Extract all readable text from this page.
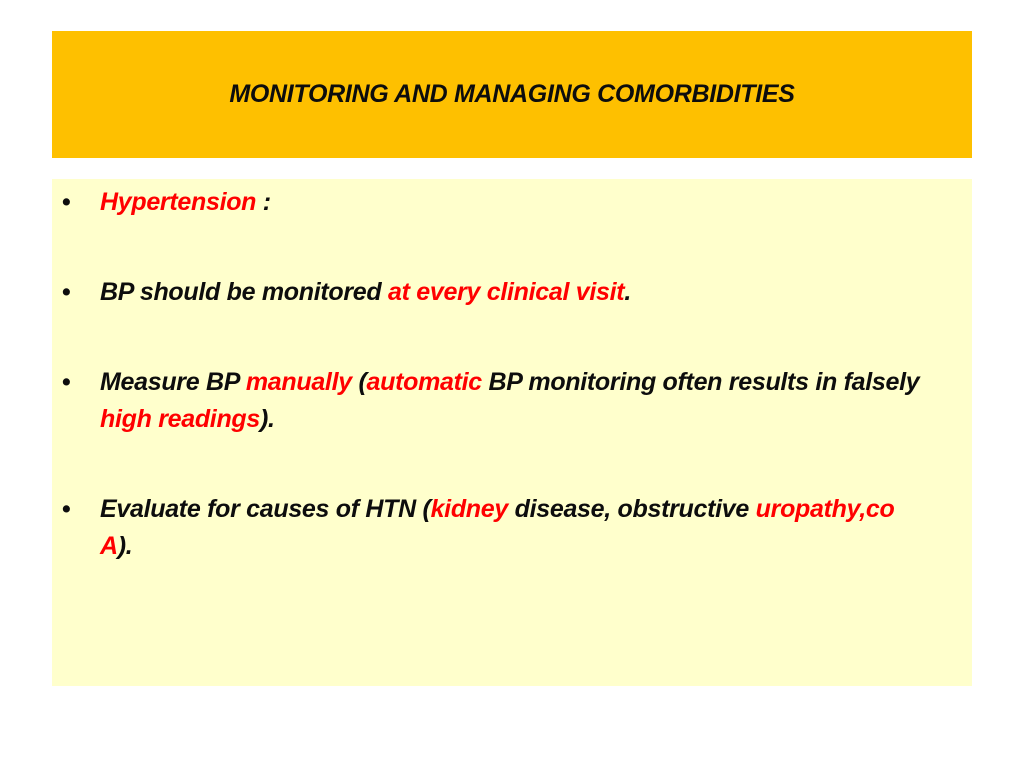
MONITORING AND MANAGING COMORBIDITIES
•	Hypertension :
•	BP should be monitored at every clinical visit.
•	Measure BP manually (automatic BP monitoring often results in falsely high readings).
•	Evaluate for causes of HTN (kidney disease, obstructive uropathy,co A).
